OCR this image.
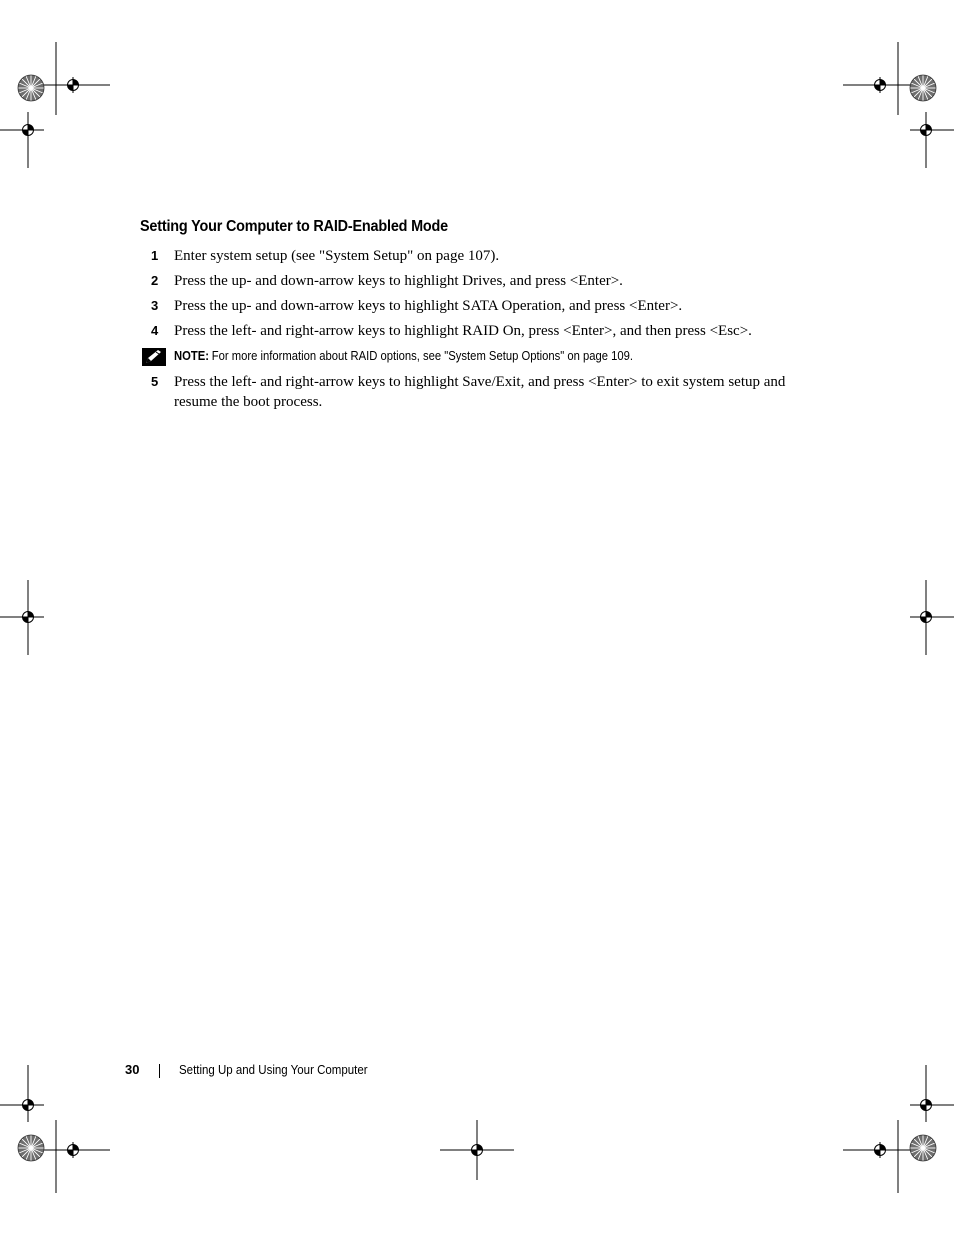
Setting Your Computer to RAID-Enabled Mode
1 Enter system setup (see "System Setup" on page 107).
2 Press the up- and down-arrow keys to highlight Drives, and press <Enter>.
3 Press the up- and down-arrow keys to highlight SATA Operation, and press <Enter>.
4 Press the left- and right-arrow keys to highlight RAID On, press <Enter>, and then press <Esc>.
NOTE: For more information about RAID options, see "System Setup Options" on page 109.
5 Press the left- and right-arrow keys to highlight Save/Exit, and press <Enter> to exit system setup and
resume the boot process.
30	Setting Up and Using Your Computer
